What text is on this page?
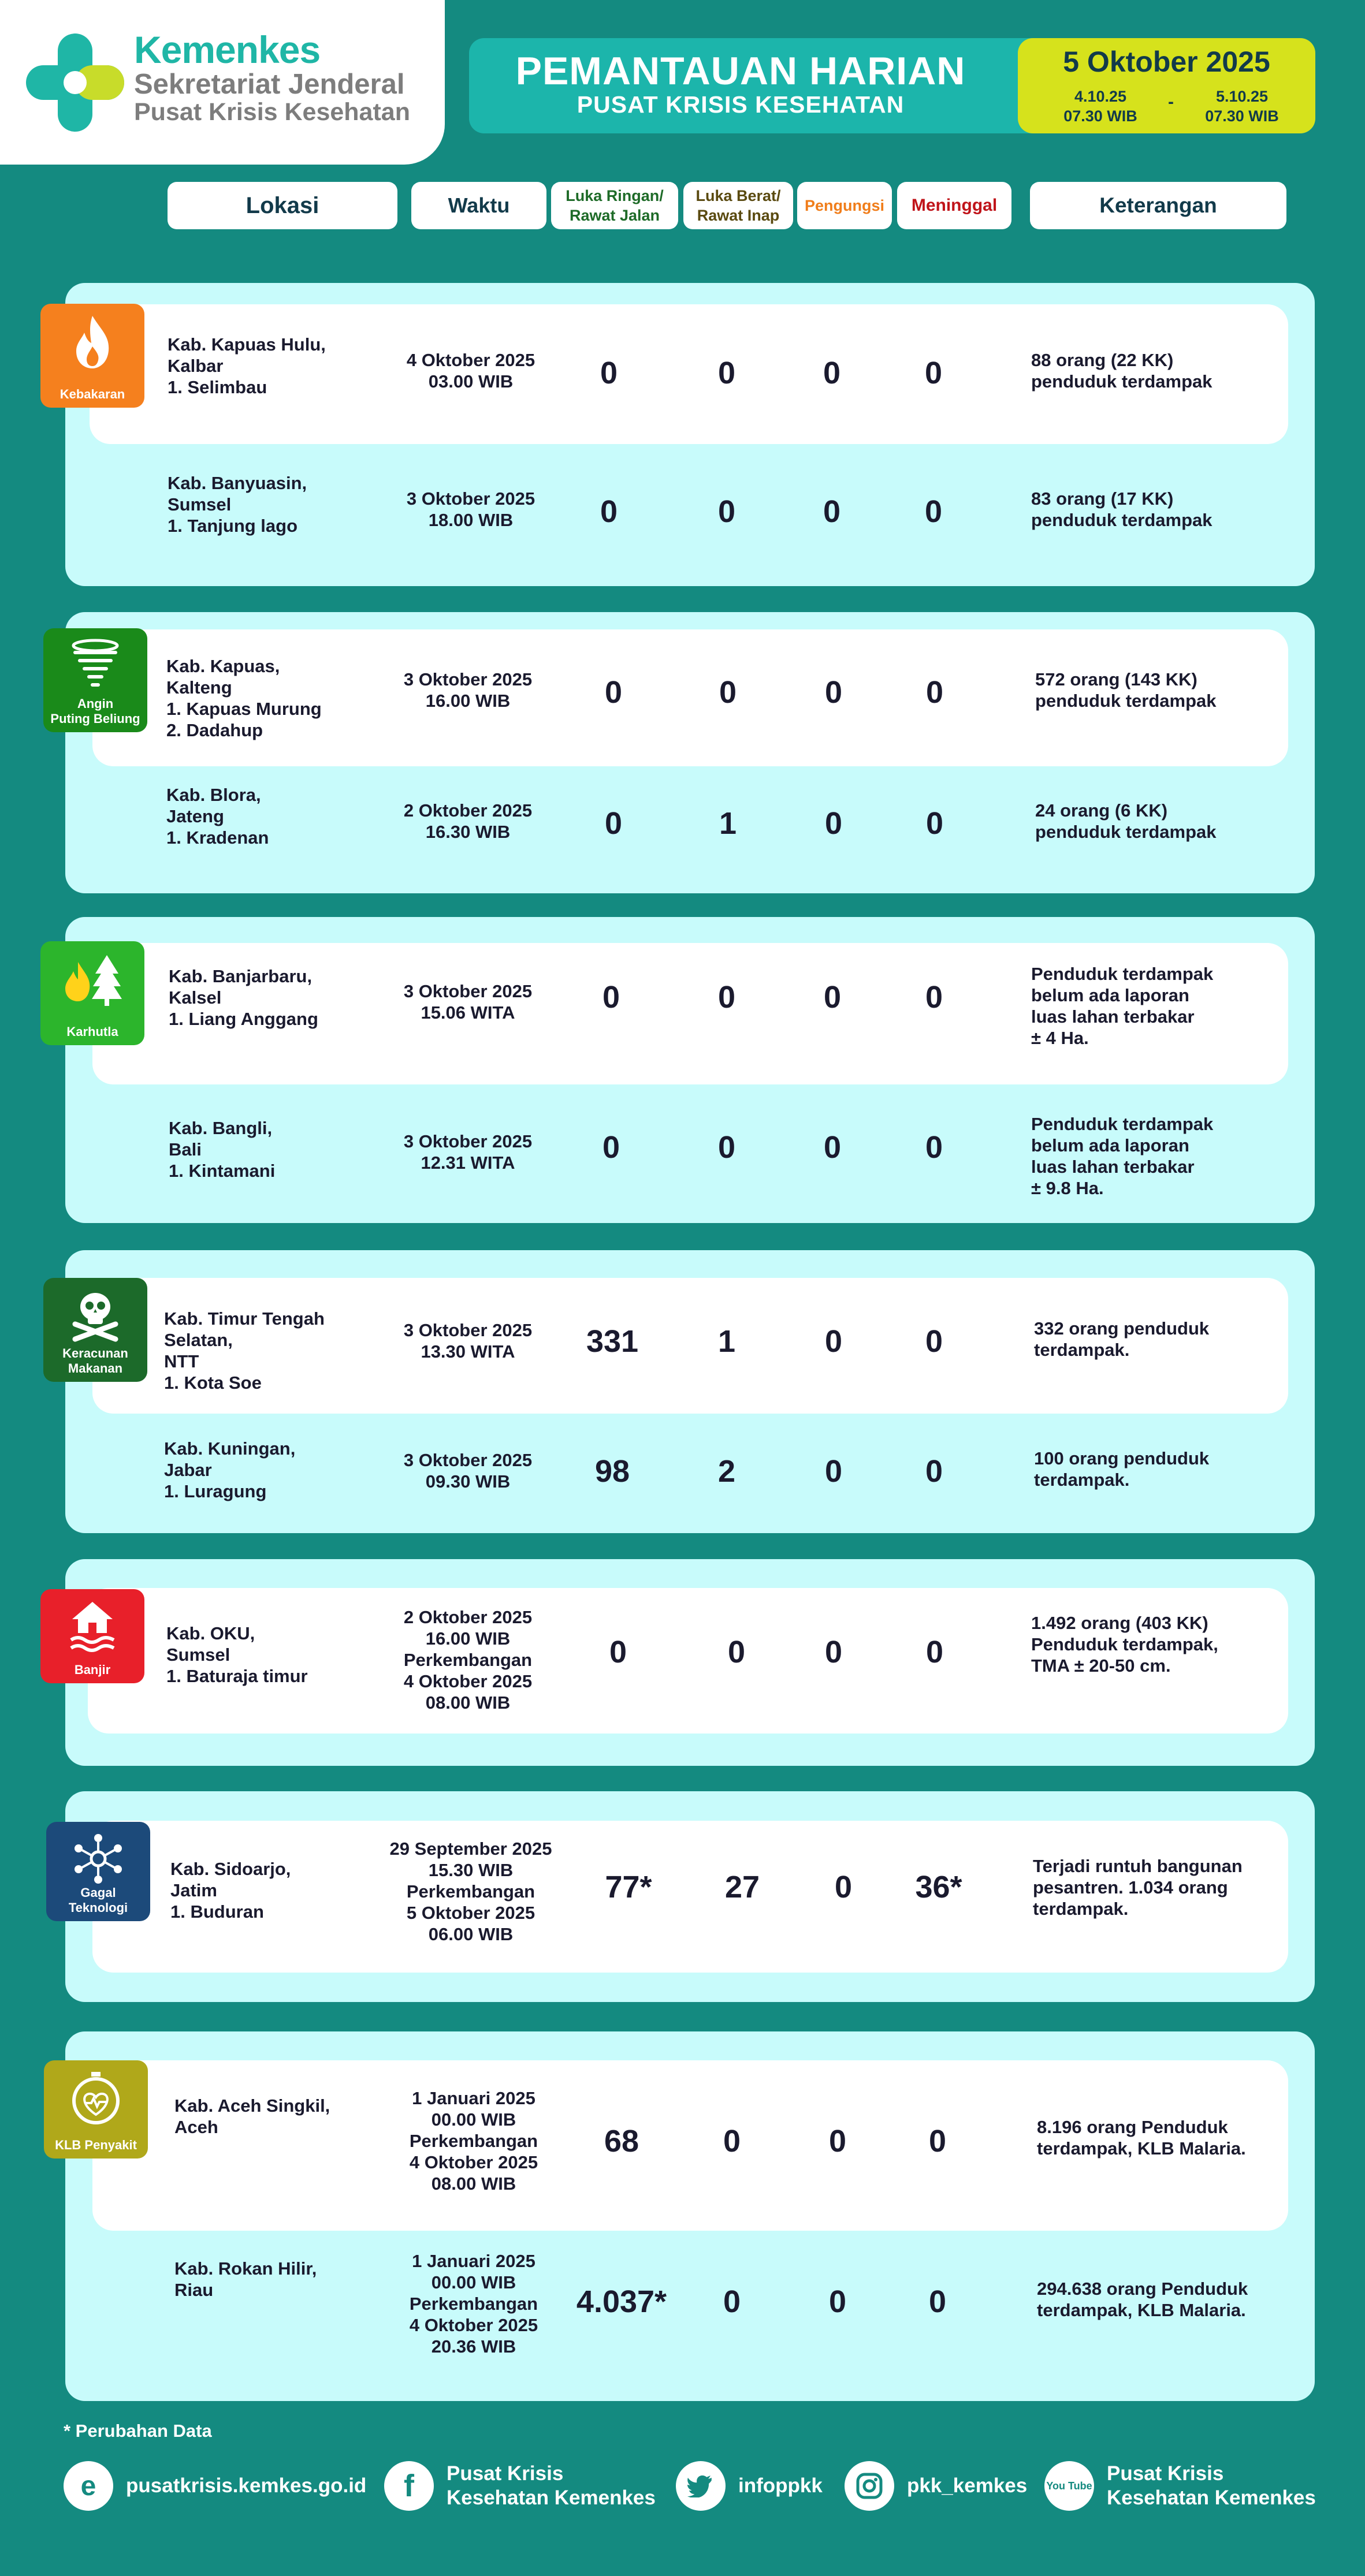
Kemenkes
Sekretariat Jenderal
Pusat Krisis Kesehatan
PEMANTAUAN HARIAN
PUSAT KRISIS KESEHATAN
5 Oktober 2025
4.10.25
07.30 WIB
-	5.10.25
07.30 WIB
Lokasi	Waktu	Luka Ringan/
Rawat Jalan
Luka Berat/
Rawat Inap
Pengungsi	Meninggal	Keterangan
Kebakaran
Kab. Kapuas Hulu,
Kalbar
1. Selimbau
4 Oktober 2025
03.00 WIB	0	0	0	0	88 orang (22 KK)
penduduk terdampak
Kab. Banyuasin,
Sumsel
1. Tanjung lago
3 Oktober 2025
18.00 WIB	0	0	0	0	83 orang (17 KK)
penduduk terdampak
Angin
Puting Beliung
Kab. Kapuas,
Kalteng
1. Kapuas Murung
2. Dadahup
3 Oktober 2025
16.00 WIB	0	0	0	0	572 orang (143 KK)
penduduk terdampak
Kab. Blora,
Jateng
1. Kradenan
2 Oktober 2025
16.30 WIB	0	1	0	0	24 orang (6 KK)
penduduk terdampak
Karhutla
Kab. Banjarbaru,
Kalsel
1. Liang Anggang
3 Oktober 2025
15.06 WITA	0	0	0	0
Penduduk terdampak
belum ada laporan
luas lahan terbakar
± 4 Ha.
Kab. Bangli,
Bali
1. Kintamani
3 Oktober 2025
12.31 WITA	0	0	0	0
Penduduk terdampak
belum ada laporan
luas lahan terbakar
± 9.8 Ha.
Keracunan
Makanan
Kab. Timur Tengah
Selatan,
NTT
1. Kota Soe
3 Oktober 2025
13.30 WITA	331	1	0	0	332 orang penduduk
terdampak.
Kab. Kuningan,
Jabar
1. Luragung
3 Oktober 2025
09.30 WIB	98	2	0	0	100 orang penduduk
terdampak.
Banjir
Kab. OKU,
Sumsel
1. Baturaja timur
2 Oktober 2025
16.00 WIB
Perkembangan
4 Oktober 2025
08.00 WIB
0	0	0	0
1.492 orang (403 KK)
Penduduk terdampak,
TMA ± 20-50 cm.
Gagal
Teknologi
Kab. Sidoarjo,
Jatim
1. Buduran
29 September 2025
15.30 WIB
Perkembangan
5 Oktober 2025
06.00 WIB
77*	27	0	36*
Terjadi runtuh bangunan
pesantren. 1.034 orang
terdampak.
KLB Penyakit
Kab. Aceh Singkil,
Aceh
1 Januari 2025
00.00 WIB
Perkembangan
4 Oktober 2025
08.00 WIB
68	0	0	0	8.196 orang Penduduk
terdampak, KLB Malaria.
Kab. Rokan Hilir,
Riau
1 Januari 2025
00.00 WIB
Perkembangan
4 Oktober 2025
20.36 WIB
4.037*	0	0	0	294.638 orang Penduduk
terdampak, KLB Malaria.
* Perubahan Data
e	pusatkrisis.kemkes.go.id	f	Pusat Krisis
Kesehatan Kemenkes
infoppkk	pkk_kemkes You Tube
Pusat Krisis
Kesehatan Kemenkes
